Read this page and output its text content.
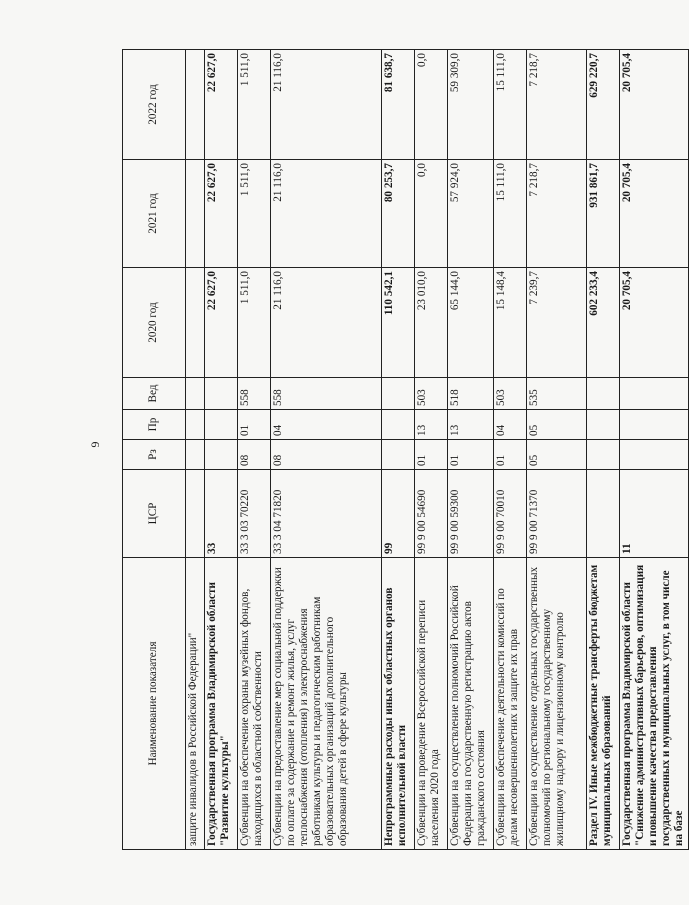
6
Наименование показателя	ЦСР	Рз	Пр	Вед	2020 год	2021 год	2022 год
защите инвалидов в Российской Федерации"							
Государственная программа Владимирской области "Развитие культуры"	33				22 627,0	22 627,0	22 627,0
Субвенции на обеспечение охраны музейных фондов, находящихся в областной собственности	33 3 03 70220	08	01	558	1 511,0	1 511,0	1 511,0
Субвенции на предоставление мер социальной поддержки по оплате за содержание и ремонт жилья, услуг теплоснабжения (отопления) и электроснабжения работникам культуры и педагогическим работникам образовательных организаций дополнительного образования детей в сфере культуры	33 3 04 71820	08	04	558	21 116,0	21 116,0	21 116,0
Непрограммные расходы иных областных органов исполнительной власти	99				110 542,1	80 253,7	81 638,7
Субвенции на проведение Всероссийской переписи населения 2020 года	99 9 00 54690	01	13	503	23 010,0	0,0	0,0
Субвенции на осуществление полномочий Российской Федерации на государственную регистрацию актов гражданского состояния	99 9 00 59300	01	13	518	65 144,0	57 924,0	59 309,0
Субвенции на обеспечение деятельности комиссий по делам несовершеннолетних и защите их прав	99 9 00 70010	01	04	503	15 148,4	15 111,0	15 111,0
Субвенции на осуществление отдельных государственных полномочий по региональному государственному жилищному надзору и лицензионному контролю	99 9 00 71370	05	05	535	7 239,7	7 218,7	7 218,7
Раздел IV. Иные межбюджетные трансферты бюджетам муниципальных образований					602 233,4	931 861,7	629 220,7
Государственная программа Владимирской области "Снижение административных барьеров, оптимизация и повышение качества предоставления государственных и муниципальных услуг, в том числе на базе	11				20 705,4	20 705,4	20 705,4
